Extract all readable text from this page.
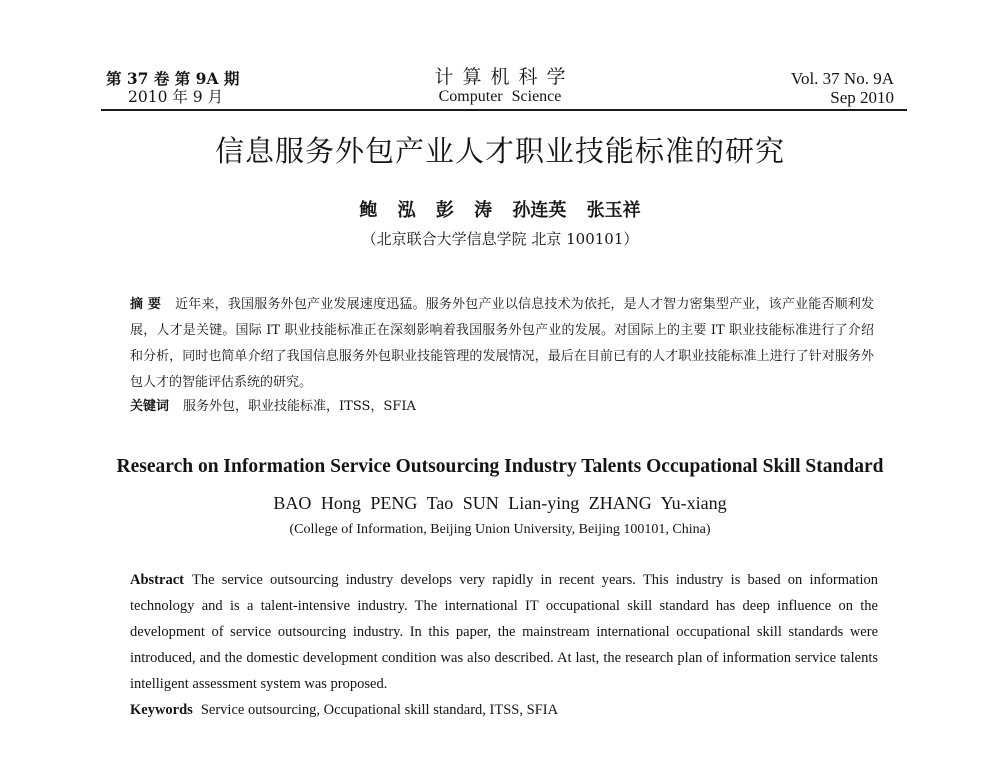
第 37 卷 第 9A 期
2010 年 9 月
计算机科学
Computer Science
Vol. 37 No. 9A
Sep 2010
信息服务外包产业人才职业技能标准的研究
鲍 泓 彭 涛 孙连英 张玉祥
（北京联合大学信息学院 北京 100101）
摘 要 近年来，我国服务外包产业发展速度迅猛。服务外包产业以信息技术为依托，是人才智力密集型产业，该产业能否顺利发展，人才是关键。国际 IT 职业技能标准正在深刻影响着我国服务外包产业的发展。对国际上的主要 IT 职业技能标准进行了介绍和分析，同时也简单介绍了我国信息服务外包职业技能管理的发展情况，最后在目前已有的人才职业技能标准上进行了针对服务外包人才的智能评估系统的研究。
关键词 服务外包，职业技能标准，ITSS，SFIA
Research on Information Service Outsourcing Industry Talents Occupational Skill Standard
BAO Hong PENG Tao SUN Lian-ying ZHANG Yu-xiang
(College of Information, Beijing Union University, Beijing 100101, China)
Abstract The service outsourcing industry develops very rapidly in recent years. This industry is based on information technology and is a talent-intensive industry. The international IT occupational skill standard has deep influence on the development of service outsourcing industry. In this paper, the mainstream international occupational skill standards were introduced, and the domestic development condition was also described. At last, the research plan of information service talents intelligent assessment system was proposed.
Keywords Service outsourcing, Occupational skill standard, ITSS, SFIA
